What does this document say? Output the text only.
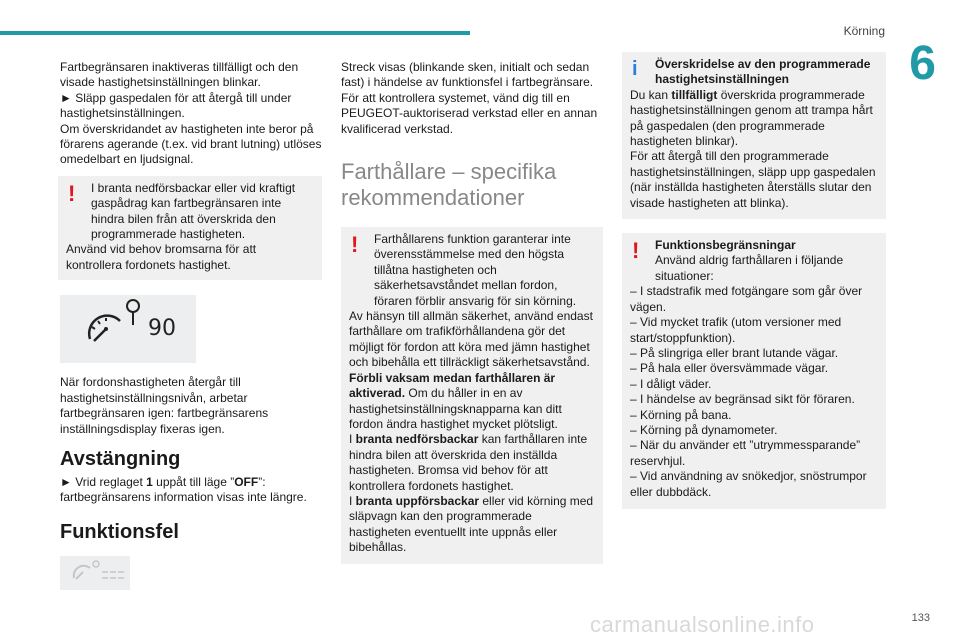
Körning
6

Fartbegränsaren inaktiveras tillfälligt och den visade hastighetsinställningen blinkar.

► Släpp gaspedalen för att återgå till under hastighetsinställningen.

Om överskridandet av hastigheten inte beror på förarens agerande (t.ex. vid brant lutning) utlöses omedelbart en ljudsignal.

!	I branta nedförsbackar eller vid kraftigt gaspådrag kan fartbegränsaren inte hindra bilen från att överskrida den programmerade hastigheten.

Använd vid behov bromsarna för att kontrollera fordonets hastighet.

90

När fordonshastigheten återgår till hastighetsinställningsnivån, arbetar fartbegränsaren igen: fartbegränsarens inställningsdisplay fixeras igen.

Avstängning

► Vrid reglaget 1 uppåt till läge ”OFF”: fartbegränsarens information visas inte längre.

Funktionsfel

Streck visas (blinkande sken, initialt och sedan fast) i händelse av funktionsfel i fartbegränsare.

För att kontrollera systemet, vänd dig till en PEUGEOT-auktoriserad verkstad eller en annan kvalificerad verkstad.

Farthållare – specifika rekommendationer
!	Farthållarens funktion garanterar inte överensstämmelse med den högsta tillåtna hastigheten och säkerhetsavståndet mellan fordon, föraren förblir ansvarig för sin körning.

Av hänsyn till allmän säkerhet, använd endast farthållare om trafikförhållandena gör det möjligt för fordon att köra med jämn hastighet och bibehålla ett tillräckligt säkerhetsavstånd.

Förbli vaksam medan farthållaren är aktiverad. Om du håller in en av hastighetsinställningsknapparna kan ditt fordon ändra hastighet mycket plötsligt.

I branta nedförsbackar kan farthållaren inte hindra bilen att överskrida den inställda hastigheten. Bromsa vid behov för att kontrollera fordonets hastighet.

I branta uppförsbackar eller vid körning med släpvagn kan den programmerade hastigheten eventuellt inte uppnås eller bibehållas.

i	Överskridelse av den programmerade hastighetsinställningen

Du kan tillfälligt överskrida programmerade hastighetsinställningen genom att trampa hårt på gaspedalen (den programmerade hastigheten blinkar).

För att återgå till den programmerade hastighetsinställningen, släpp upp gaspedalen (när inställda hastigheten återställs slutar den visade hastigheten att blinka).

!	Funktionsbegränsningar

Använd aldrig farthållaren i följande situationer:

– I stadstrafik med fotgängare som går över vägen.

– Vid mycket trafik (utom versioner med start/stoppfunktion).

– På slingriga eller brant lutande vägar.

– På hala eller översvämmade vägar.

– I dåligt väder.

– I händelse av begränsad sikt för föraren.

– Körning på bana.

– Körning på dynamometer.

– När du använder ett ”utrymmessparande” reservhjul.

– Vid användning av snökedjor, snöstrumpor eller dubbdäck.

carmanualsonline.info	133
